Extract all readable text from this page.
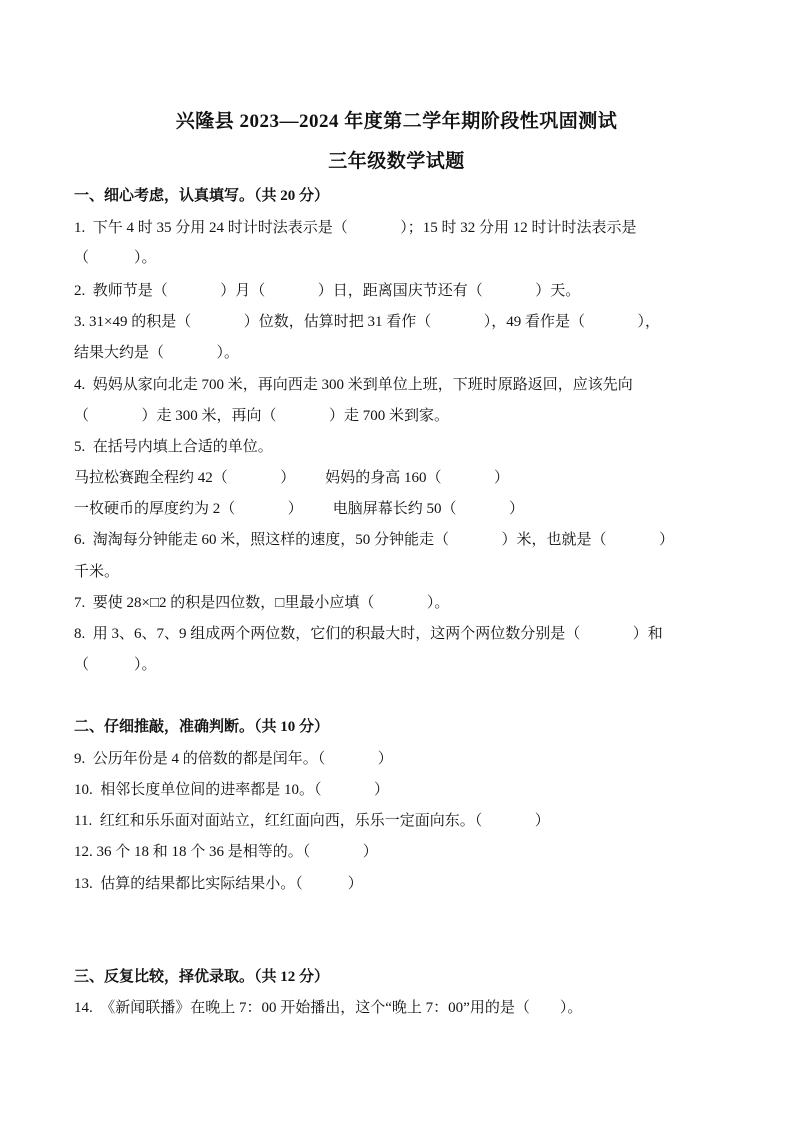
兴隆县 2023—2024 年度第二学年期阶段性巩固测试
三年级数学试题
一、细心考虑，认真填写。（共 20 分）
1.  下午 4 时 35 分用 24 时计时法表示是（              ）；15 时 32 分用 12 时计时法表示是
（            ）。
2.  教师节是（              ）月（              ）日，距离国庆节还有（              ）天。
3. 31×49 的积是（              ）位数，估算时把 31 看作（              ），49 看作是（              ），
结果大约是（              ）。
4.  妈妈从家向北走 700 米，再向西走 300 米到单位上班，下班时原路返回，应该先向
（              ）走 300 米，再向（              ）走 700 米到家。
5.  在括号内填上合适的单位。
马拉松赛跑全程约 42（              ）        妈妈的身高 160（              ）
一枚硬币的厚度约为 2（              ）        电脑屏幕长约 50（              ）
6.  淘淘每分钟能走 60 米，照这样的速度，50 分钟能走（              ）米，也就是（              ）
千米。
7.  要使 28×□2 的积是四位数，□里最小应填（              ）。
8.  用 3、6、7、9 组成两个两位数，它们的积最大时，这两个两位数分别是（              ）和
（            ）。
二、仔细推敲，准确判断。（共 10 分）
9.  公历年份是 4 的倍数的都是闰年。（              ）
10.  相邻长度单位间的进率都是 10。（              ）
11.  红红和乐乐面对面站立，红红面向西，乐乐一定面向东。（              ）
12. 36 个 18 和 18 个 36 是相等的。（              ）
13.  估算的结果都比实际结果小。（            ）
三、反复比较，择优录取。（共 12 分）
14.  《新闻联播》在晚上 7：00 开始播出，这个“晚上 7：00”用的是（        ）。
